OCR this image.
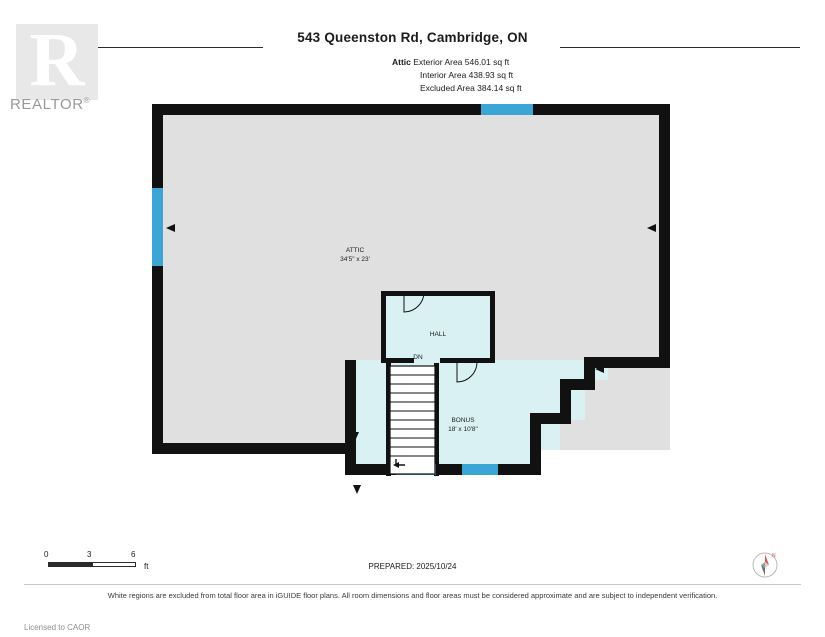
543 Queenston Rd, Cambridge, ON
R
REALTOR®
Attic Exterior Area 546.01 sq ft
Interior Area 438.93 sq ft
Excluded Area 384.14 sq ft
DN
ATTIC
34'5" x 23'
HALL
BONUS
18' x 10'8"
0	3	6
ft	PREPARED: 2025/10/24
N
White regions are excluded from total floor area in iGUIDE floor plans. All room dimensions and floor areas must be considered approximate and are subject to independent verification.
Licensed to CAOR
